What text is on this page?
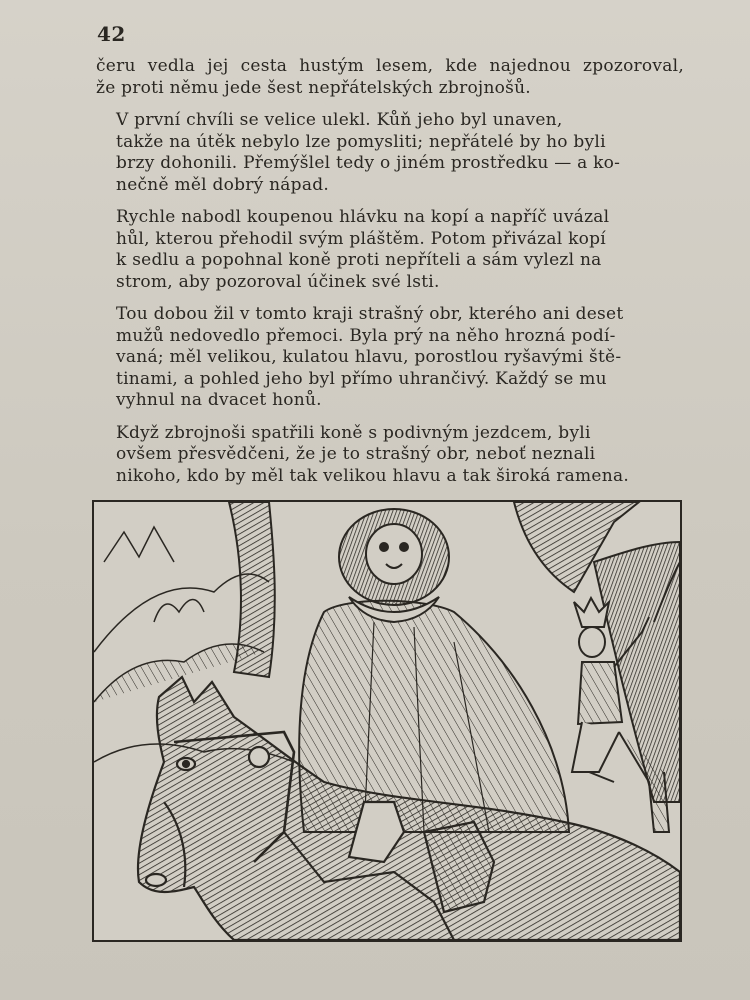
42

čeru vedla jej cesta hustým lesem, kde najednou zpozoroval,
že proti němu jede šest nepřátelských zbrojnošů.

V první chvíli se velice ulekl. Kůň jeho byl unaven,
takže na útěk nebylo lze pomysliti; nepřátelé by ho byli
brzy dohonili. Přemýšlel tedy o jiném prostředku — a ko-
nečně měl dobrý nápad.

Rychle nabodl koupenou hlávku na kopí a napříč uvázal
hůl, kterou přehodil svým pláštěm. Potom přivázal kopí
k sedlu a popohnal koně proti nepříteli a sám vylezl na
strom, aby pozoroval účinek své lsti.

Tou dobou žil v tomto kraji strašný obr, kterého ani deset
mužů nedovedlo přemoci. Byla prý na něho hrozná podí-
vaná; měl velikou, kulatou hlavu, porostlou ryšavými ště-
tinami, a pohled jeho byl přímo uhrančivý. Každý se mu
vyhnul na dvacet honů.

Když zbrojnoši spatřili koně s podivným jezdcem, byli
ovšem přesvědčeni, že je to strašný obr, neboť neznali
nikoho, kdo by měl tak velikou hlavu a tak široká ramena.
